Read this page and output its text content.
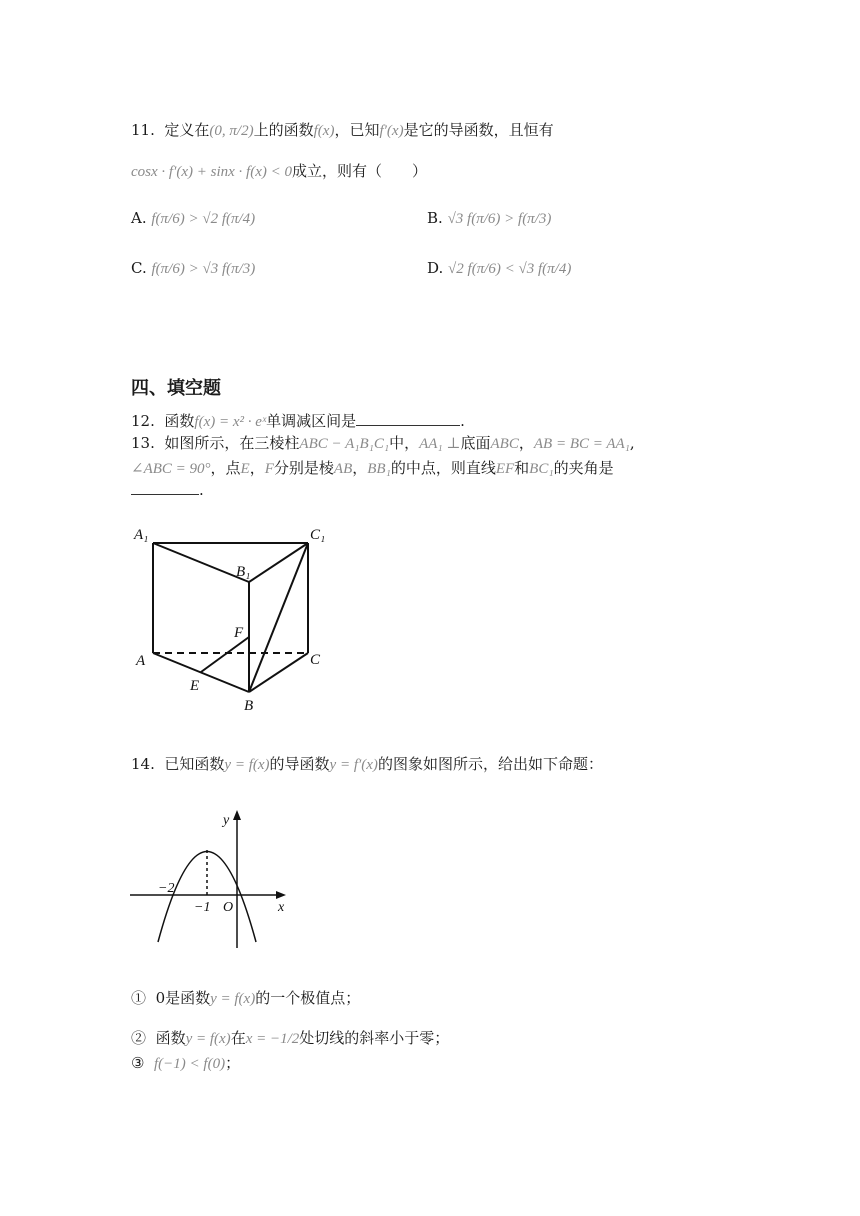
11. 定义在(0, π/2)上的函数f(x)，已知f′(x)是它的导函数，且恒有
cosx · f′(x) + sinx · f(x) < 0成立，则有（　　）
A. f(π/6) > √2 f(π/4)	B. √3 f(π/6) > f(π/3)
C. f(π/6) > √3 f(π/3)	D. √2 f(π/6) < √3 f(π/4)
四、填空题
12. 函数f(x) = x² · eˣ单调减区间是	.
13. 如图所示，在三棱柱ABC − A₁B₁C₁中，AA₁ ⊥底面ABC，AB = BC = AA₁,
∠ABC = 90°，点E，F分别是棱AB，BB₁的中点，则直线EF和BC₁的夹角是
.
A₁	C₁
B₁
F
A	C
E
B
14. 已知函数y = f(x)的导函数y = f′(x)的图象如图所示，给出如下命题：
y
x
O
−2
−1
① 0是函数y = f(x)的一个极值点；
② 函数y = f(x)在x = −1/2处切线的斜率小于零；
③ f(−1) < f(0)；
